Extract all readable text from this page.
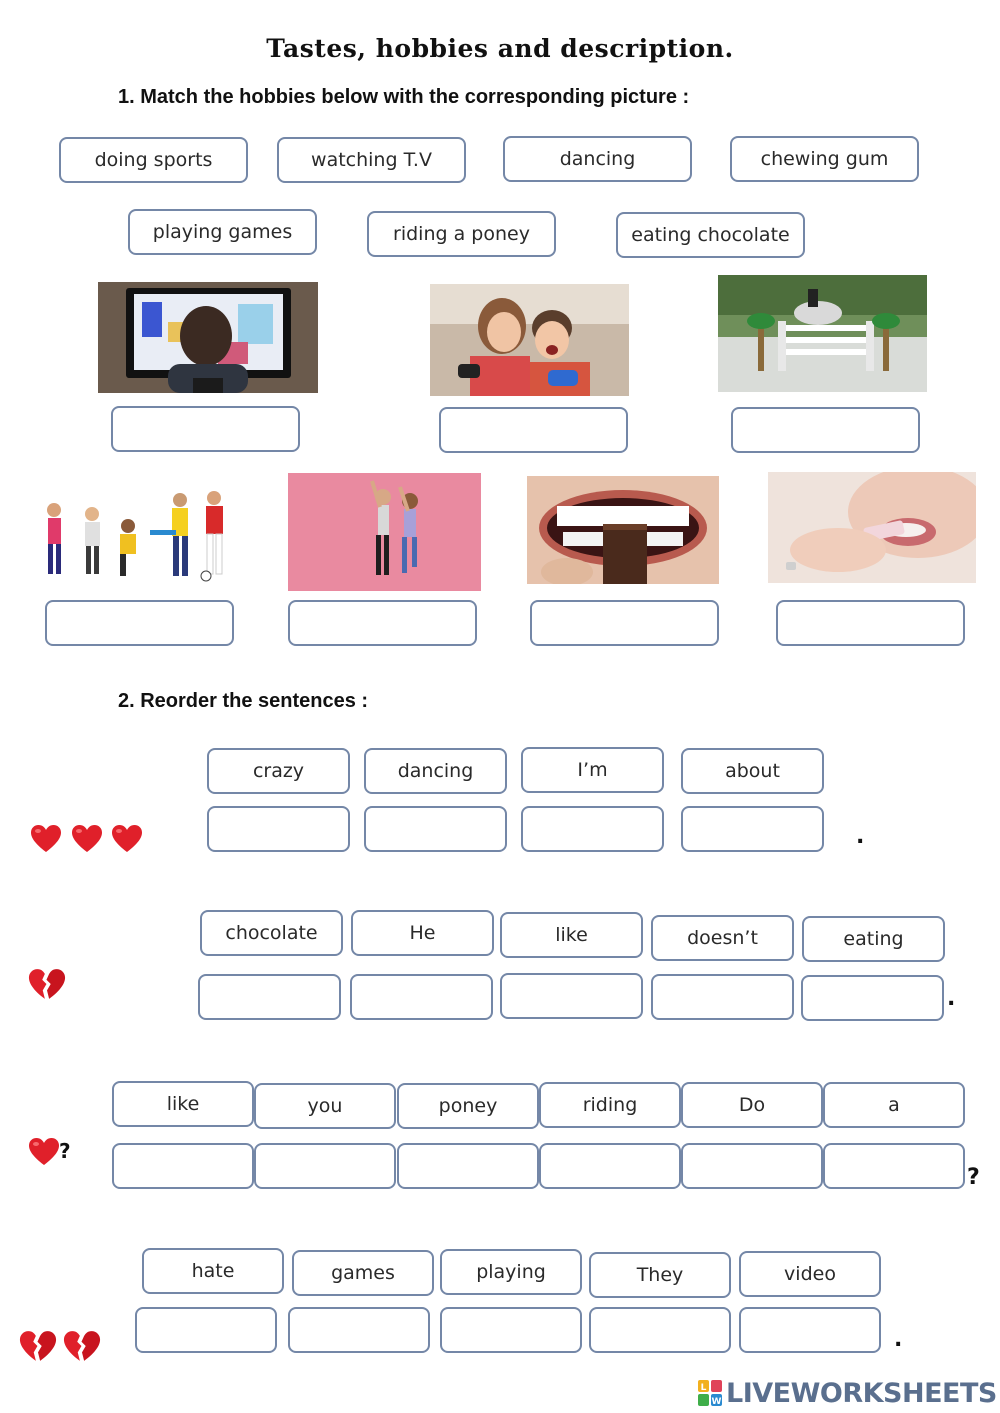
Tastes, hobbies and description.
1. Match the hobbies below with the corresponding picture :
doing sports	watching T.V	dancing	chewing gum
playing games	riding a poney	eating chocolate
2. Reorder the sentences :
crazy	dancing	I’m	about
.
chocolate	He	like	doesn’t	eating
.
like	you	poney	riding	Do	a
?
?
hate	games	playing	They	video
.
L
W LIVEWORKSHEETS
